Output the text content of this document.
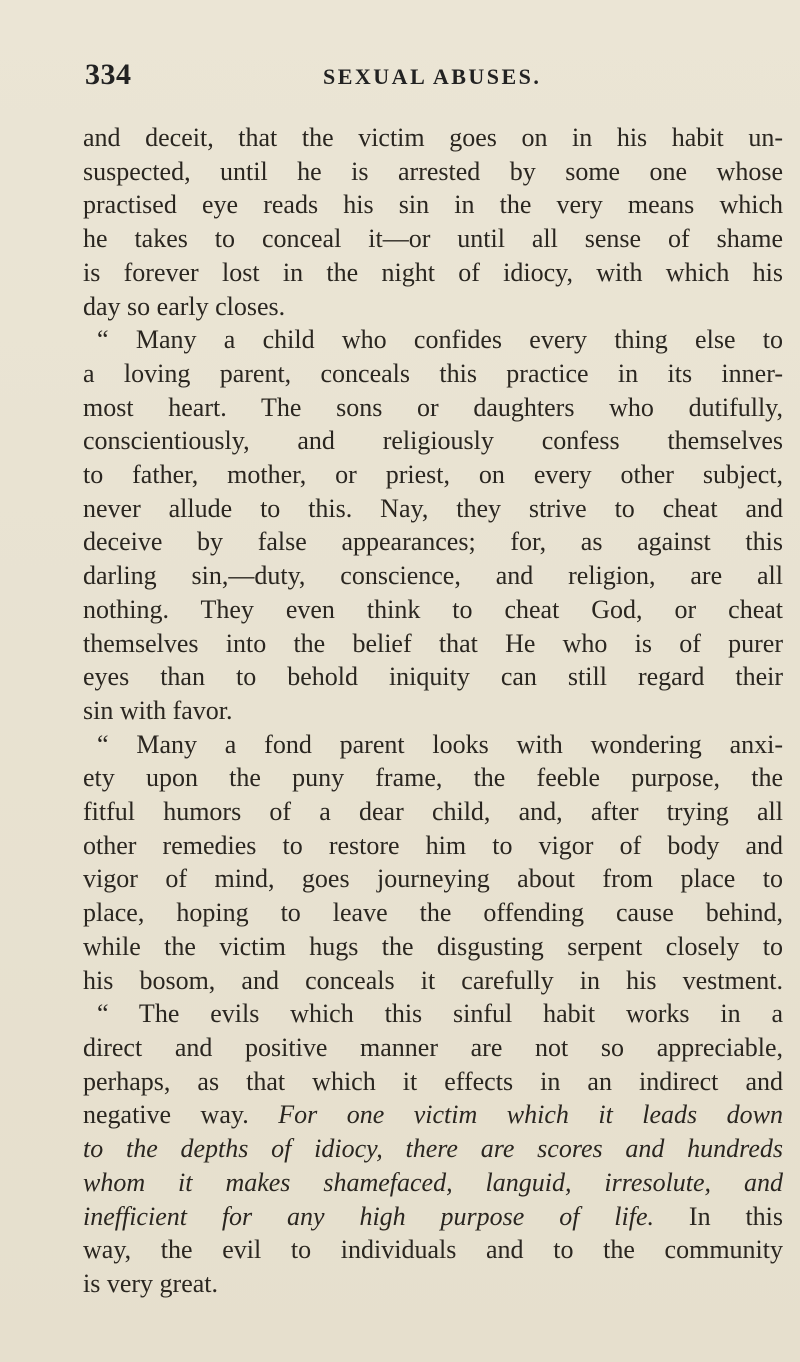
334	SEXUAL ABUSES.
and deceit, that the victim goes on in his habit un-
suspected, until he is arrested by some one whose
practised eye reads his sin in the very means which
he takes to conceal it—or until all sense of shame
is forever lost in the night of idiocy, with which his
day so early closes.
“ Many a child who confides every thing else to
a loving parent, conceals this practice in its inner-
most heart. The sons or daughters who dutifully,
conscientiously, and religiously confess themselves
to father, mother, or priest, on every other subject,
never allude to this. Nay, they strive to cheat and
deceive by false appearances; for, as against this
darling sin,—duty, conscience, and religion, are all
nothing. They even think to cheat God, or cheat
themselves into the belief that He who is of purer
eyes than to behold iniquity can still regard their
sin with favor.
“ Many a fond parent looks with wondering anxi-
ety upon the puny frame, the feeble purpose, the
fitful humors of a dear child, and, after trying all
other remedies to restore him to vigor of body and
vigor of mind, goes journeying about from place to
place, hoping to leave the offending cause behind,
while the victim hugs the disgusting serpent closely to
his bosom, and conceals it carefully in his vestment.
“ The evils which this sinful habit works in a
direct and positive manner are not so appreciable,
perhaps, as that which it effects in an indirect and
negative way. For one victim which it leads down
to the depths of idiocy, there are scores and hundreds
whom it makes shamefaced, languid, irresolute, and
inefficient for any high purpose of life. In this
way, the evil to individuals and to the community
is very great.
